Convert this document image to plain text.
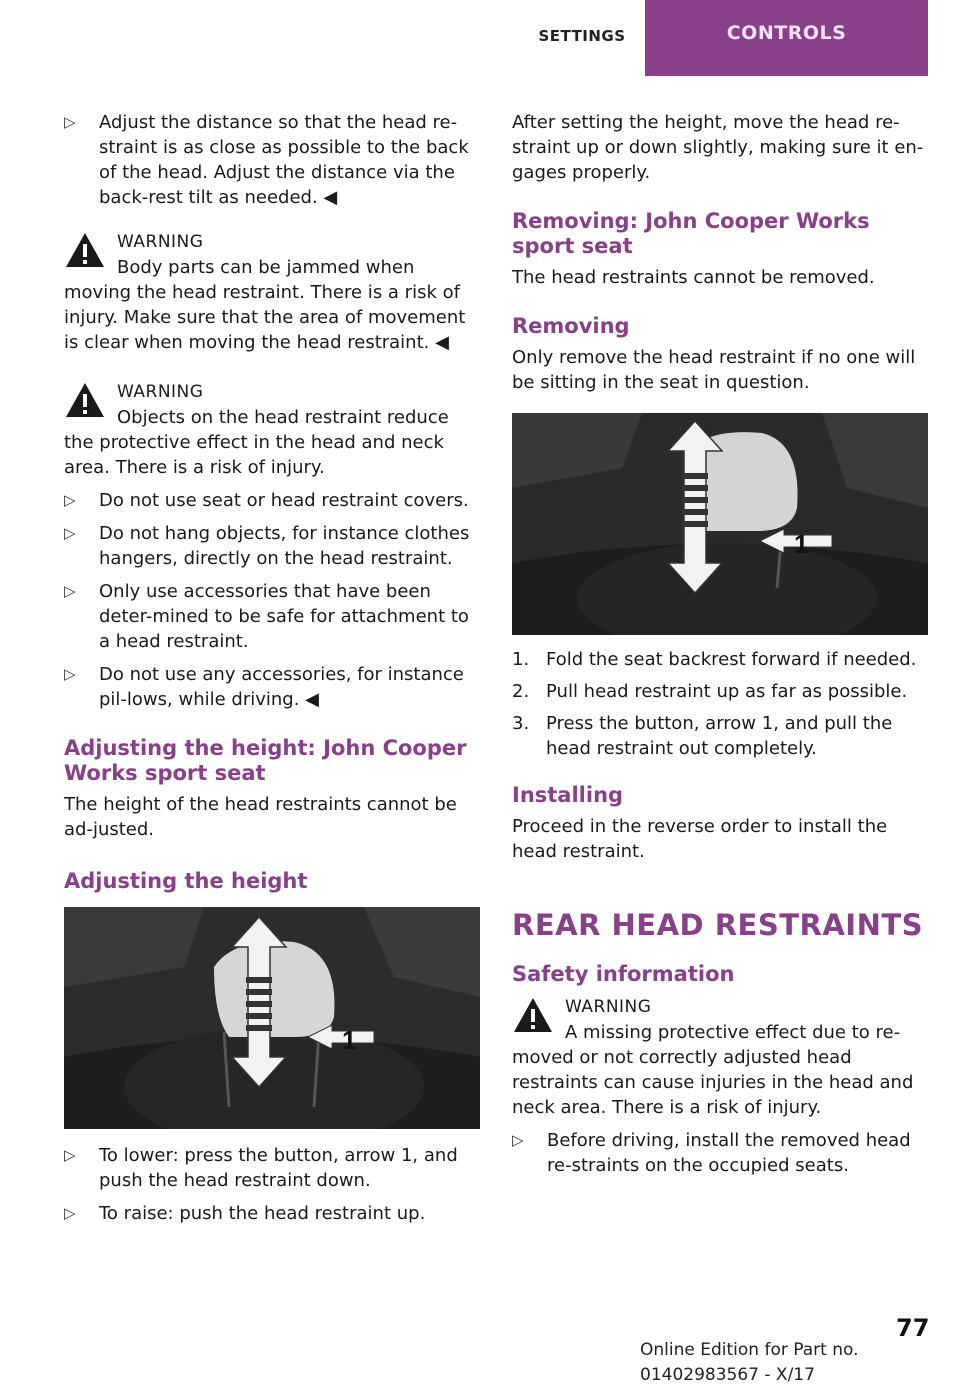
SETTINGS	CONTROLS

▷ Adjust the distance so that the head re-straint is as close as possible to the back of the head. Adjust the distance via the back-rest tilt as needed. ◀

WARNING
Body parts can be jammed when moving the head restraint. There is a risk of injury. Make sure that the area of movement is clear when moving the head restraint. ◀
WARNING
Objects on the head restraint reduce the protective effect in the head and neck area. There is a risk of injury.

▷ Do not use seat or head restraint covers.

▷ Do not hang objects, for instance clothes hangers, directly on the head restraint.

▷ Only use accessories that have been deter-mined to be safe for attachment to a head restraint.

▷ Do not use any accessories, for instance pil-lows, while driving. ◀

Adjusting the height: John Cooper Works sport seat

The height of the head restraints cannot be ad-justed.

Adjusting the height
1

▷ To lower: press the button, arrow 1, and push the head restraint down.

▷ To raise: push the head restraint up.

After setting the height, move the head re-straint up or down slightly, making sure it en-gages properly.

Removing: John Cooper Works sport seat

The head restraints cannot be removed.

Removing

Only remove the head restraint if no one will be sitting in the seat in question.

1

1. Fold the seat backrest forward if needed.

2. Pull head restraint up as far as possible.

3. Press the button, arrow 1, and pull the head restraint out completely.

Installing

Proceed in the reverse order to install the head restraint.

REAR HEAD RESTRAINTS
Safety information
WARNING
A missing protective effect due to re-moved or not correctly adjusted head restraints can cause injuries in the head and neck area. There is a risk of injury.

▷ Before driving, install the removed head re-straints on the occupied seats.

77
Online Edition for Part no. 01402983567 - X/17
